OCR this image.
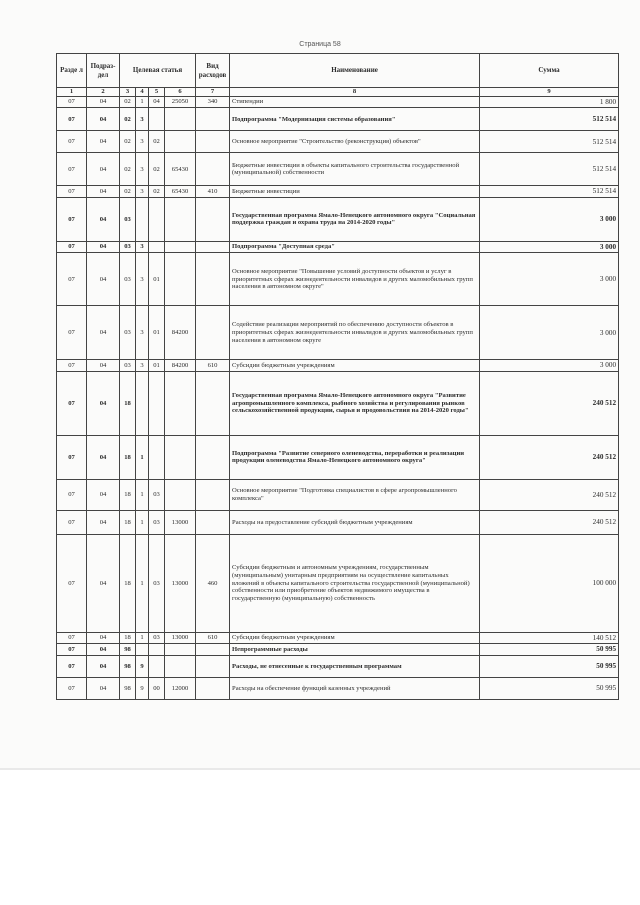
Страница 58
Разде л	Подраз- дел	Целевая статья				Вид расходов	Наименование	Сумма
1	2	3	4	5	6	7	8	9
07	04	02	1	04	25050	340	Стипендии	1 800
07	04	02	3				Подпрограмма "Модернизация системы образования"	512 514
07	04	02	3	02			Основное мероприятие "Строительство (реконструкция) объектов"	512 514
07	04	02	3	02	65430		Бюджетные инвестиции в объекты капитального строительства государственной (муниципальной) собственности	512 514
07	04	02	3	02	65430	410	Бюджетные инвестиции	512 514
07	04	03					Государственная программа Ямало-Ненецкого автономного округа "Социальная поддержка граждан и охрана труда на 2014-2020 годы"	3 000
07	04	03	3				Подпрограмма "Доступная среда"	3 000
07	04	03	3	01			Основное мероприятие "Повышение условий доступности объектов и услуг в приоритетных сферах жизнедеятельности инвалидов и других маломобильных групп населения в автономном округе"	3 000
07	04	03	3	01	84200		Содействие реализации мероприятий по обеспечению доступности объектов в приоритетных сферах жизнедеятельности инвалидов и других маломобильных групп населения в автономном округе	3 000
07	04	03	3	01	84200	610	Субсидии бюджетным учреждениям	3 000
07	04	18					Государственная программа Ямало-Ненецкого автономного округа "Развитие агропромышленного комплекса, рыбного хозяйства и регулирования рынков сельскохозяйственной продукции, сырья и продовольствия на 2014-2020 годы"	240 512
07	04	18	1				Подпрограмма "Развитие северного оленеводства, переработки и реализации продукции оленеводства Ямало-Ненецкого автономного округа"	240 512
07	04	18	1	03			Основное мероприятие "Подготовка специалистов в сфере агропромышленного комплекса"	240 512
07	04	18	1	03	13000		Расходы на предоставление субсидий бюджетным учреждениям	240 512
07	04	18	1	03	13000	460	Субсидии бюджетным и автономным учреждениям, государственным (муниципальным) унитарным предприятиям на осуществление капитальных вложений в объекты капитального строительства государственной (муниципальной) собственности или приобретение объектов недвижимого имущества в государственную (муниципальную) собственность	100 000
07	04	18	1	03	13000	610	Субсидии бюджетным учреждениям	140 512
07	04	98					Непрограммные расходы	50 995
07	04	98	9				Расходы, не отнесенные к государственным программам	50 995
07	04	98	9	00	12000		Расходы на обеспечение функций казенных учреждений	50 995
